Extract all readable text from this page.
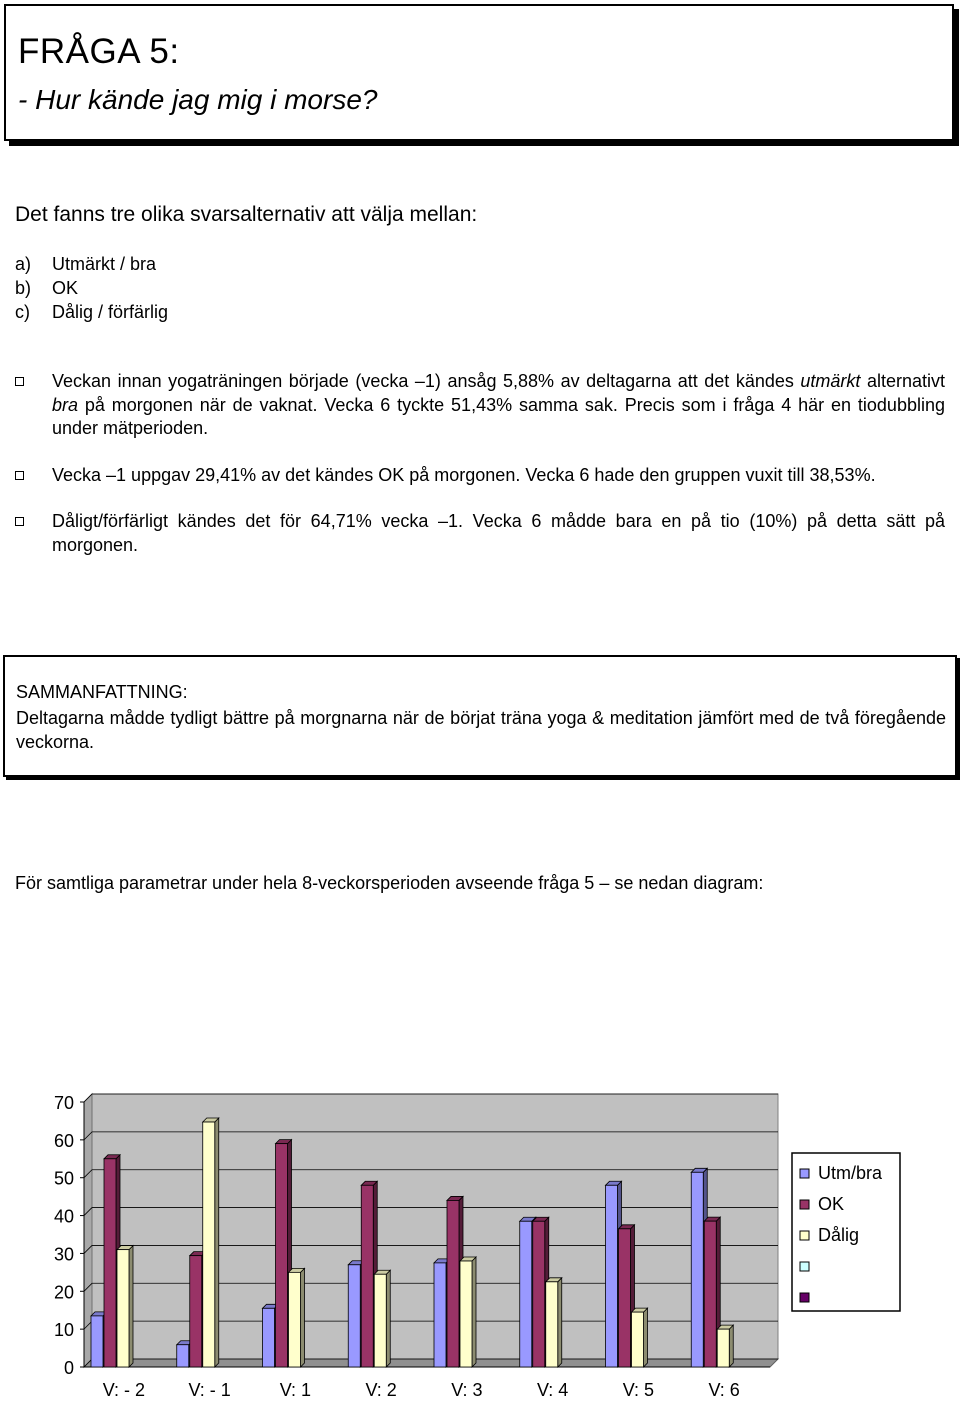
FRÅGA 5:
- Hur kände jag mig i morse?
Det fanns tre olika svarsalternativ att välja mellan:
a)	Utmärkt / bra
b)	OK
c)	Dålig / förfärlig
Veckan innan yogaträningen började (vecka –1) ansåg 5,88% av deltagarna att det kändes utmärkt alternativt bra på morgonen när de vaknat. Vecka 6 tyckte 51,43% samma sak. Precis som i fråga 4 här en tiodubbling under mätperioden.
Vecka –1 uppgav 29,41% av det kändes OK på morgonen. Vecka 6 hade den gruppen vuxit till 38,53%.
Dåligt/förfärligt kändes det för 64,71% vecka –1. Vecka 6 mådde bara en på tio (10%) på detta sätt på morgonen.
SAMMANFATTNING:
Deltagarna mådde tydligt bättre på morgnarna när de börjat träna yoga & meditation jämfört med de två föregående veckorna.
För samtliga parametrar under hela 8-veckorsperioden avseende fråga 5 – se nedan diagram:
0
10
20
30
40
50
60
70
V: - 2 V: - 1	V: 1	V: 2	V: 3	V: 4	V: 5	V: 6
Utm/bra
OK
Dålig
